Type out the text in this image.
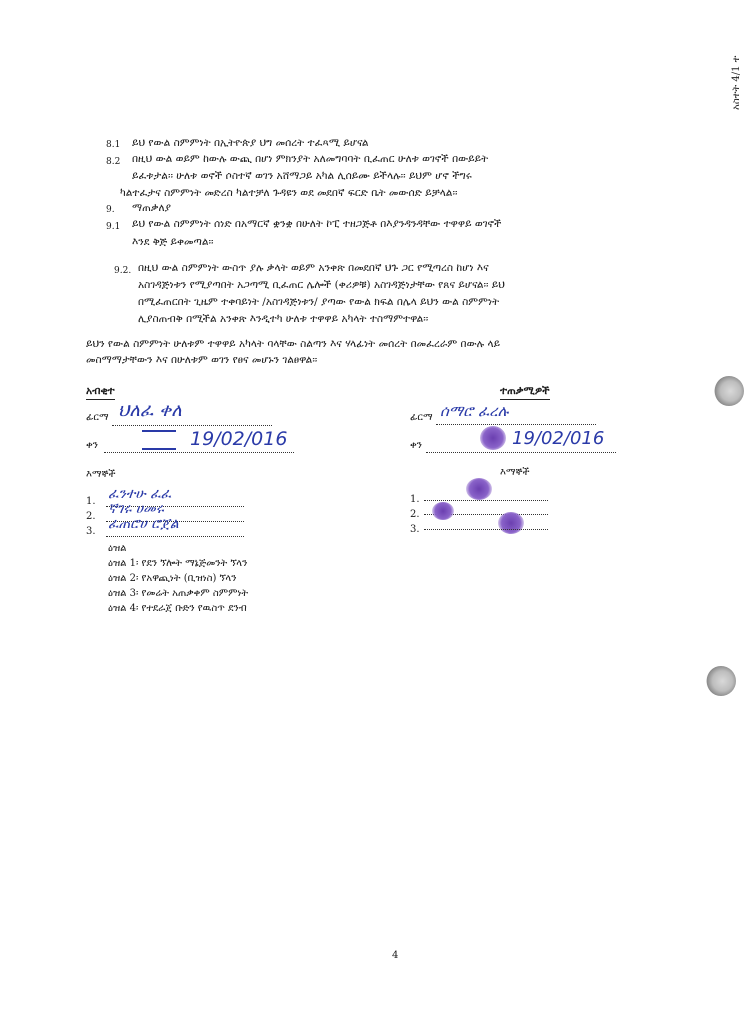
አስተት 4/1 ተ
8.1 ይህ የውል ስምምነት በኢትዮጵያ ህግ መሰረት ተፈጻሚ ይሆናል
8.2 በዚህ ውል ወይም ከውሉ ውጪ በሆነ ምክንያት አለመግባባት ቢፈጠር ሁለቱ ወገኖች በውይይት
ይፈቱታል፡፡ ሁለቱ ወኖች ሶስተኛ ወገን አሸማጋይ አካል ሊሰይሙ ይችላሉ፡፡ ይህም ሆኖ ችግሩ
ካልተፈታና ስምምነት መድረስ ካልተቻለ ጉዳዩን ወደ መደበኛ ፍርድ ቤት መውሰድ ይቻላል፡፡
9. ማጠቃለያ
9.1 ይህ የውል ስምምነት ሰነድ በአማርኛ ቋንቋ በሁለት ኮፒ ተዘጋጅቶ በእያንዳንዳቸው ተዋዋይ ወገኖች
እንደ ቅጅ ይቀመጣል፡፡
9.2. በዚህ ውል ስምምነት ውስጥ ያሉ ቃላት ወይም አንቀጽ በመደበኛ ህጉ ጋር የሚጣረስ ከሆነ እና
አስገዳጅነቱን የሚያጣበት አጋጣሚ ቢፈጠር ሌሎች (ቀሪዎቹ) አስገዳጅነታቸው የጸና ይሆናል፡፡ ይህ
በሚፈጠርበት ጊዜም ተቀባይነት /አስገዳጅነቱን/ ያጣው የውል ክፍል በሌላ ይህን ውል ስምምነት
ሊያስጠብቅ በሚችል አንቀጽ እንዲተካ ሁለቱ ተዋዋይ አካላት ተስማምተዋል፡፡
ይህን የውል ስምምነት ሁለቱም ተዋዋይ አካላት ባላቸው ስልጣን እና ሃላፊነት መሰረት በመፈረራም በውሉ ላይ
መስማማታቸውን እና በሁለቱም ወገን የፀና መሆኑን ገልፀዋል፡፡
አብቂተ
ፊርማ ህለፈ ቀለ
ቀን	19/02/016
እማኞች
1. ፈንተሁ ፈፈ
2. ኛገሩ ሀመሩ
3. ፈጠሮሀ ሮጀል
ዕዝል
ዕዝል 1፡ የደን ኘሎት ማኔጅመንት ኘላን
ዕዝል 2፡ የአዋጪነት (ቢዝነስ) ኘላን
ዕዝል 3፡ የመሬት አጠቃቀም ስምምነት
ዕዝል 4፡ የተደራጀ ቡድን የዉስጥ ደንብ
ተጠቃሚዎች
ፊርማ ሰማሮ ፈረሉ
ቀን	19/02/016
እማኞች
1.
2.
3.
4
